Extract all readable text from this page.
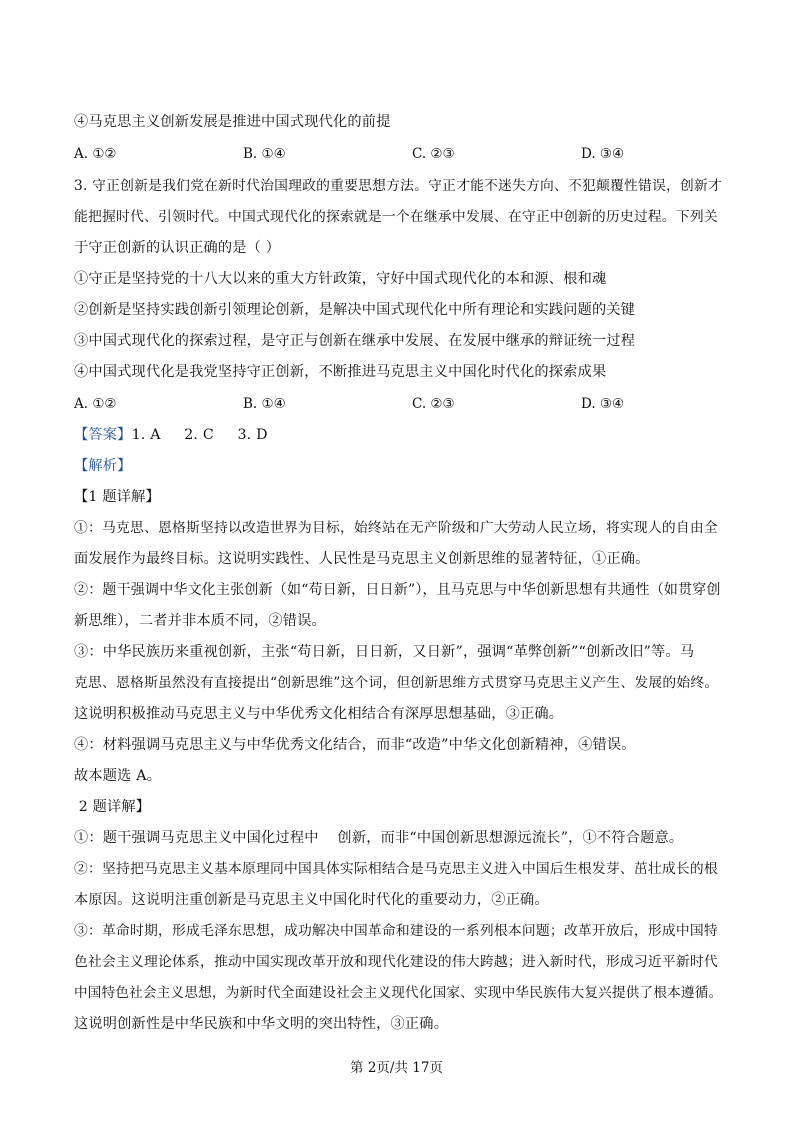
④马克思主义创新发展是推进中国式现代化的前提
A. ①②	B. ①④	C. ②③	D. ③④
3. 守正创新是我们党在新时代治国理政的重要思想方法。守正才能不迷失方向、不犯颠覆性错误，创新才
能把握时代、引领时代。中国式现代化的探索就是一个在继承中发展、在守正中创新的历史过程。下列关
于守正创新的认识正确的是（ ）
①守正是坚持党的十八大以来的重大方针政策，守好中国式现代化的本和源、根和魂
②创新是坚持实践创新引领理论创新，是解决中国式现代化中所有理论和实践问题的关键
③中国式现代化的探索过程，是守正与创新在继承中发展、在发展中继承的辩证统一过程
④中国式现代化是我党坚持守正创新，不断推进马克思主义中国化时代化的探索成果
A. ①②	B. ①④	C. ②③	D. ③④
【答案】1. A     2. C     3. D
【解析】
【1 题详解】
①：马克思、恩格斯坚持以改造世界为目标，始终站在无产阶级和广大劳动人民立场，将实现人的自由全
面发展作为最终目标。这说明实践性、人民性是马克思主义创新思维的显著特征，①正确。
②：题干强调中华文化主张创新（如“苟日新，日日新”），且马克思与中华创新思想有共通性（如贯穿创
新思维），二者并非本质不同，②错误。
③：中华民族历来重视创新，主张“苟日新，日日新，又日新”，强调“革弊创新”“创新改旧”等。马
克思、恩格斯虽然没有直接提出“创新思维”这个词，但创新思维方式贯穿马克思主义产生、发展的始终。
这说明积极推动马克思主义与中华优秀文化相结合有深厚思想基础，③正确。
④：材料强调马克思主义与中华优秀文化结合，而非“改造”中华文化创新精神，④错误。
故本题选 A。
2 题详解】
①：题干强调马克思主义中国化过程中    创新，而非“中国创新思想源远流长”，①不符合题意。
②：坚持把马克思主义基本原理同中国具体实际相结合是马克思主义进入中国后生根发芽、茁壮成长的根
本原因。这说明注重创新是马克思主义中国化时代化的重要动力，②正确。
③：革命时期，形成毛泽东思想，成功解决中国革命和建设的一系列根本问题；改革开放后，形成中国特
色社会主义理论体系，推动中国实现改革开放和现代化建设的伟大跨越；进入新时代，形成习近平新时代
中国特色社会主义思想，为新时代全面建设社会主义现代化国家、实现中华民族伟大复兴提供了根本遵循。
这说明创新性是中华民族和中华文明的突出特性，③正确。
第 2页/共 17页
